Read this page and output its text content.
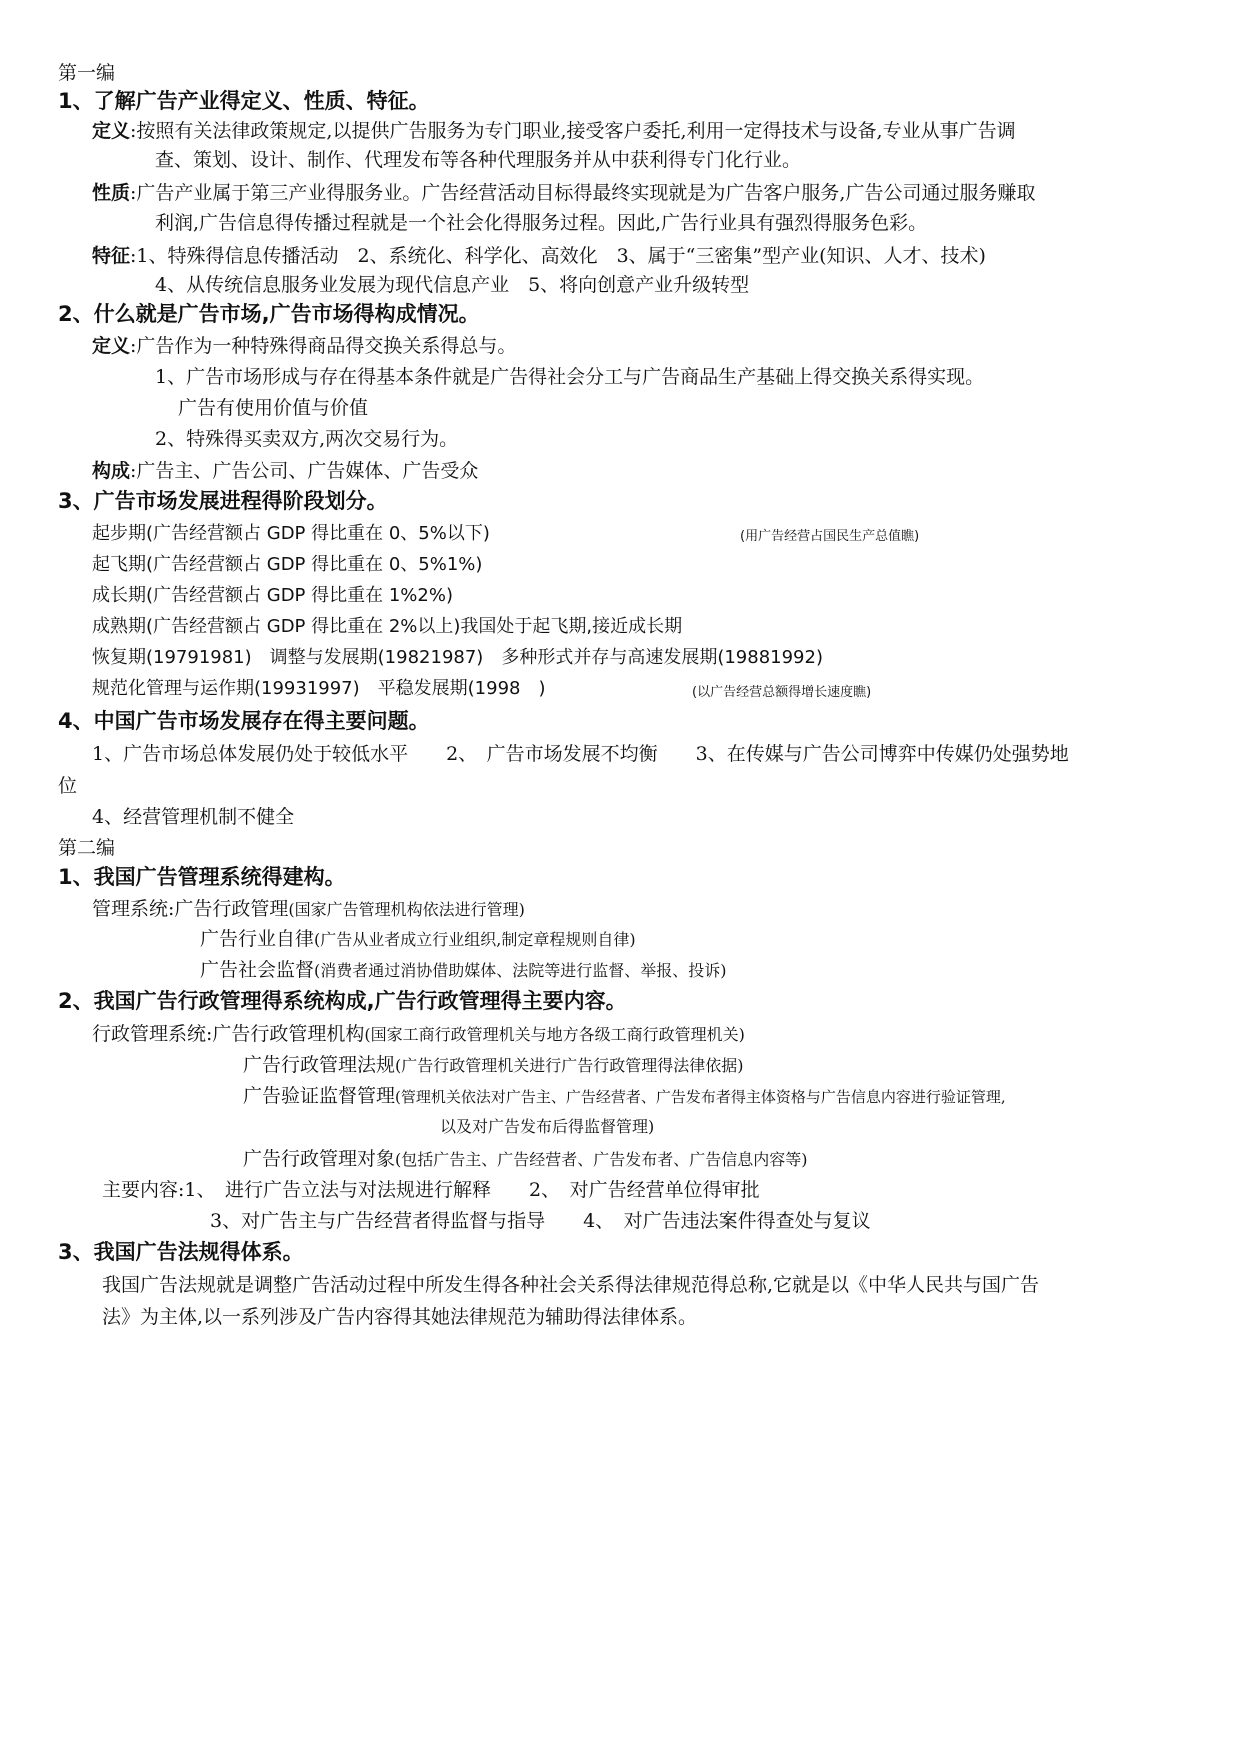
第一编
1、了解广告产业得定义、性质、特征。
定义:按照有关法律政策规定,以提供广告服务为专门职业,接受客户委托,利用一定得技术与设备,专业从事广告调
查、策划、设计、制作、代理发布等各种代理服务并从中获利得专门化行业。
性质:广告产业属于第三产业得服务业。广告经营活动目标得最终实现就是为广告客户服务,广告公司通过服务赚取
利润,广告信息得传播过程就是一个社会化得服务过程。因此,广告行业具有强烈得服务色彩。
特征:1、特殊得信息传播活动　2、系统化、科学化、高效化　3、属于“三密集”型产业(知识、人才、技术)
4、从传统信息服务业发展为现代信息产业　5、将向创意产业升级转型
2、什么就是广告市场,广告市场得构成情况。
定义:广告作为一种特殊得商品得交换关系得总与。
1、广告市场形成与存在得基本条件就是广告得社会分工与广告商品生产基础上得交换关系得实现。
广告有使用价值与价值
2、特殊得买卖双方,两次交易行为。
构成:广告主、广告公司、广告媒体、广告受众
3、广告市场发展进程得阶段划分。
起步期(广告经营额占 GDP 得比重在 0、5%以下)	(用广告经营占国民生产总值瞧)
起飞期(广告经营额占 GDP 得比重在 0、5%1%)
成长期(广告经营额占 GDP 得比重在 1%2%)
成熟期(广告经营额占 GDP 得比重在 2%以上)我国处于起飞期,接近成长期
恢复期(19791981)　调整与发展期(19821987)　多种形式并存与高速发展期(19881992)
规范化管理与运作期(19931997)　平稳发展期(1998　)	(以广告经营总额得增长速度瞧)
4、中国广告市场发展存在得主要问题。
1、广告市场总体发展仍处于较低水平　　2、　广告市场发展不均衡　　3、在传媒与广告公司博弈中传媒仍处强势地
位
4、经营管理机制不健全
第二编
1、我国广告管理系统得建构。
管理系统:广告行政管理(国家广告管理机构依法进行管理)
广告行业自律(广告从业者成立行业组织,制定章程规则自律)
广告社会监督(消费者通过消协借助媒体、法院等进行监督、举报、投诉)
2、我国广告行政管理得系统构成,广告行政管理得主要内容。
行政管理系统:广告行政管理机构(国家工商行政管理机关与地方各级工商行政管理机关)
广告行政管理法规(广告行政管理机关进行广告行政管理得法律依据)
广告验证监督管理(管理机关依法对广告主、广告经营者、广告发布者得主体资格与广告信息内容进行验证管理,
以及对广告发布后得监督管理)
广告行政管理对象(包括广告主、广告经营者、广告发布者、广告信息内容等)
主要内容:1、　进行广告立法与对法规进行解释　　2、　对广告经营单位得审批
3、对广告主与广告经营者得监督与指导　　4、　对广告违法案件得查处与复议
3、我国广告法规得体系。
我国广告法规就是调整广告活动过程中所发生得各种社会关系得法律规范得总称,它就是以《中华人民共与国广告
法》为主体,以一系列涉及广告内容得其她法律规范为辅助得法律体系。
